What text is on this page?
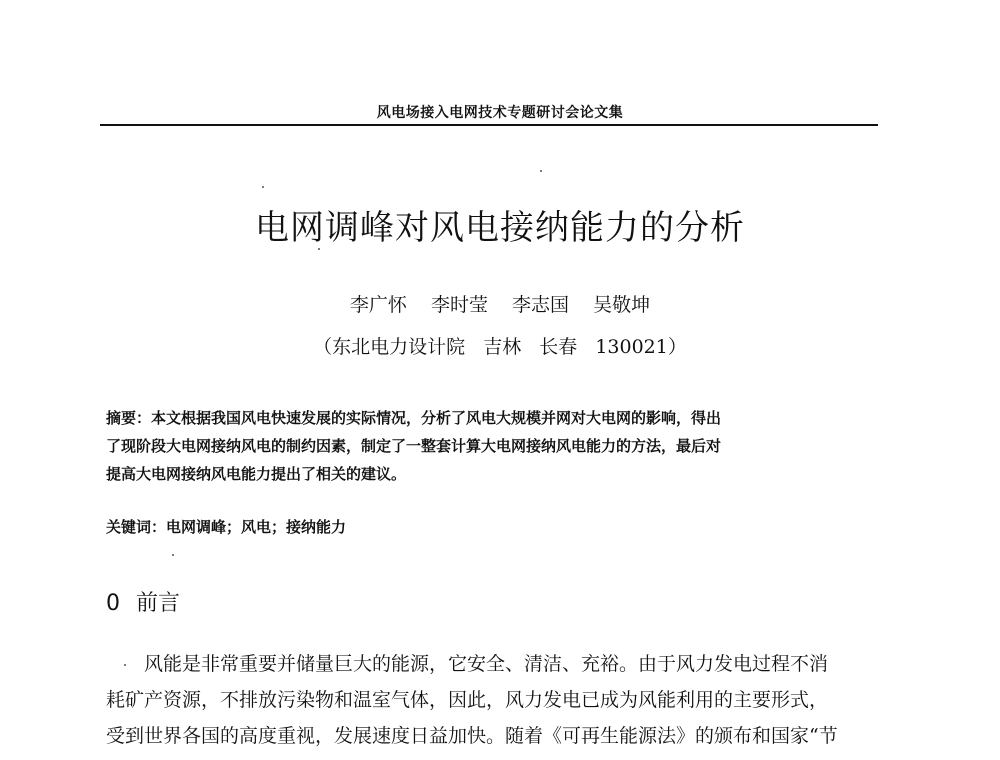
风电场接入电网技术专题研讨会论文集
电网调峰对风电接纳能力的分析
李广怀 李时莹 李志国 吴敬坤
（东北电力设计院 吉林 长春 130021）
摘要：本文根据我国风电快速发展的实际情况，分析了风电大规模并网对大电网的影响，得出
了现阶段大电网接纳风电的制约因素，制定了一整套计算大电网接纳风电能力的方法，最后对
提高大电网接纳风电能力提出了相关的建议。
关键词：电网调峰；风电；接纳能力
0 前言
风能是非常重要并储量巨大的能源，它安全、清洁、充裕。由于风力发电过程不消
耗矿产资源，不排放污染物和温室气体，因此，风力发电已成为风能利用的主要形式，
受到世界各国的高度重视，发展速度日益加快。随着《可再生能源法》的颁布和国家“节
